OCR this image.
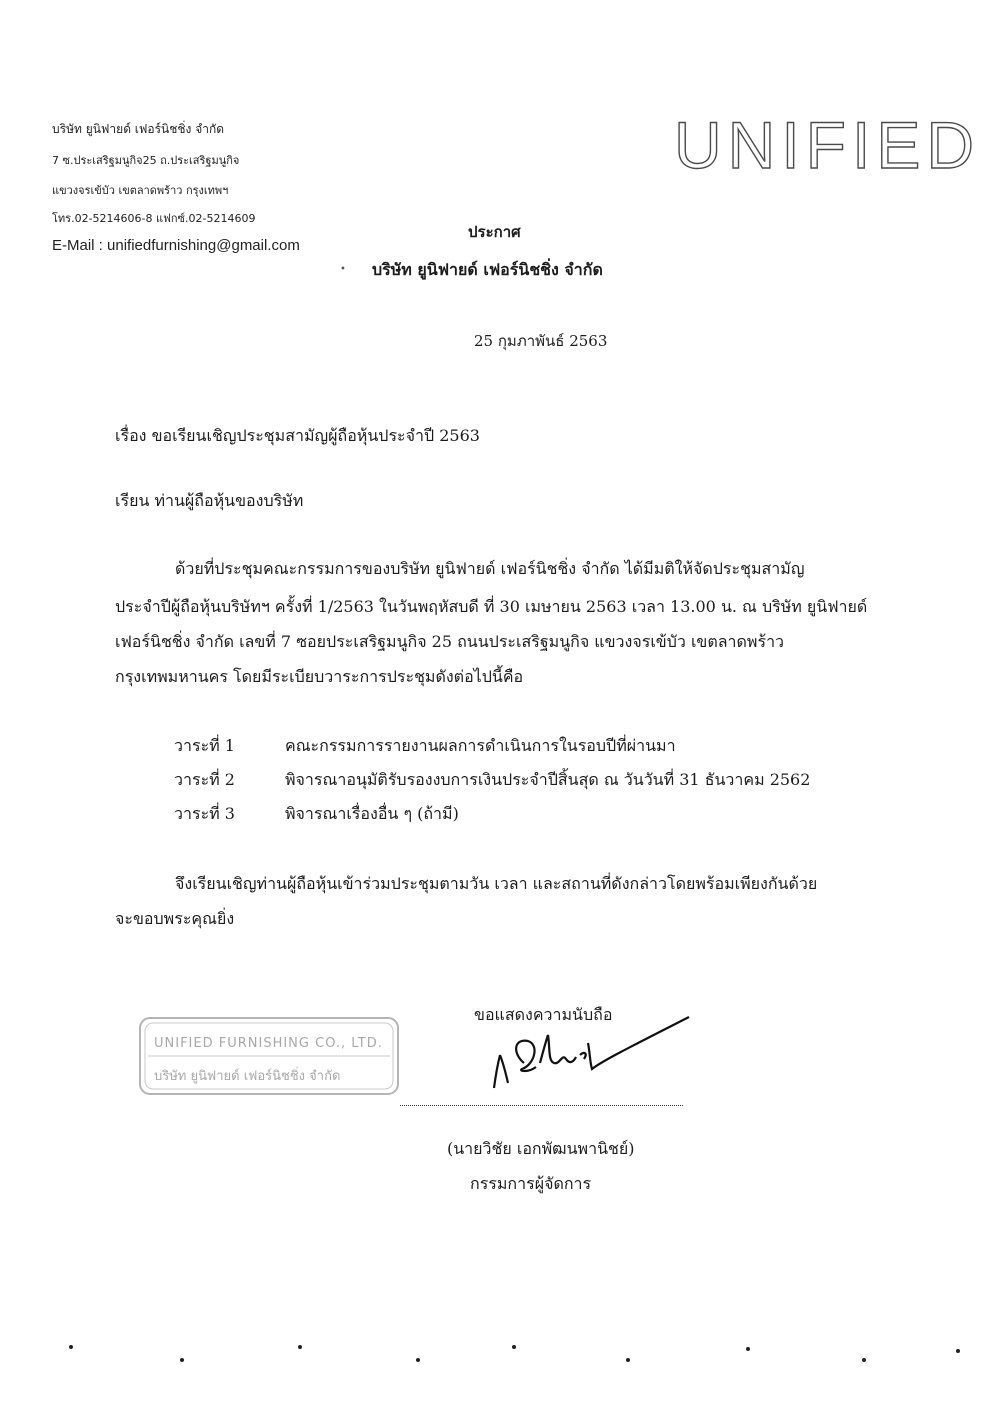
บริษัท ยูนิฟายด์ เฟอร์นิชชิ่ง จำกัด
7 ซ.ประเสริฐมนูกิจ25 ถ.ประเสริฐมนูกิจ
แขวงจรเข้บัว เขตลาดพร้าว กรุงเทพฯ
โทร.02-5214606-8 แฟกซ์.02-5214609
E-Mail : unifiedfurnishing@gmail.com
UNIFIED
ประกาศ
• บริษัท ยูนิฟายด์ เฟอร์นิชชิ่ง จำกัด
25 กุมภาพันธ์ 2563
เรื่อง ขอเรียนเชิญประชุมสามัญผู้ถือหุ้นประจำปี 2563
เรียน ท่านผู้ถือหุ้นของบริษัท
ด้วยที่ประชุมคณะกรรมการของบริษัท ยูนิฟายด์ เฟอร์นิชชิ่ง จำกัด ได้มีมติให้จัดประชุมสามัญ
ประจำปีผู้ถือหุ้นบริษัทฯ ครั้งที่ 1/2563 ในวันพฤหัสบดี ที่ 30 เมษายน 2563 เวลา 13.00 น. ณ บริษัท ยูนิฟายด์
เฟอร์นิชชิ่ง จำกัด เลขที่ 7 ซอยประเสริฐมนูกิจ 25 ถนนประเสริฐมนูกิจ แขวงจรเข้บัว เขตลาดพร้าว
กรุงเทพมหานคร โดยมีระเบียบวาระการประชุมดังต่อไปนี้คือ
วาระที่ 1	คณะกรรมการรายงานผลการดำเนินการในรอบปีที่ผ่านมา
วาระที่ 2	พิจารณาอนุมัติรับรองงบการเงินประจำปีสิ้นสุด ณ วันวันที่ 31 ธันวาคม 2562
วาระที่ 3	พิจารณาเรื่องอื่น ๆ (ถ้ามี)
จึงเรียนเชิญท่านผู้ถือหุ้นเข้าร่วมประชุมตามวัน เวลา และสถานที่ดังกล่าวโดยพร้อมเพียงกันด้วย
จะขอบพระคุณยิ่ง
ขอแสดงความนับถือ
(นายวิชัย เอกพัฒนพานิชย์)
กรรมการผู้จัดการ
UNIFIED FURNISHING CO., LTD.
บริษัท ยูนิฟายด์ เฟอร์นิชชิ่ง จำกัด
